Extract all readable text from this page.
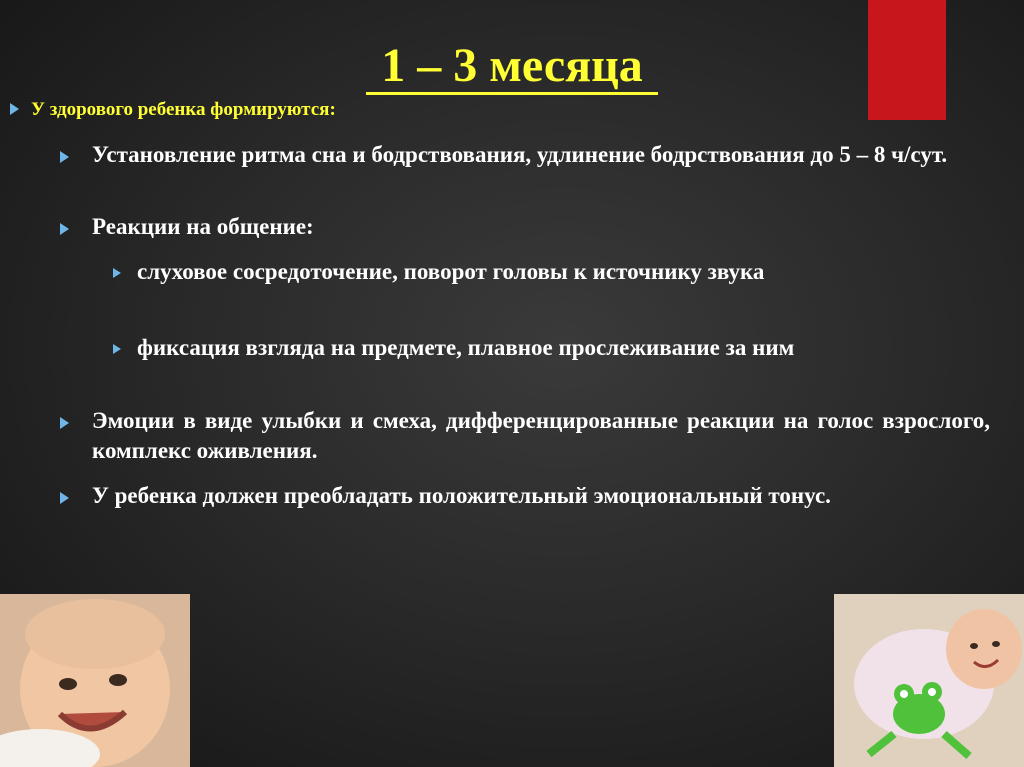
1 – 3 месяца
У здорового ребенка формируются:
Установление ритма сна и бодрствования, удлинение бодрствования до 5 – 8 ч/сут.
Реакции на общение:
слуховое сосредоточение, поворот головы к источнику звука
фиксация взгляда на предмете, плавное прослеживание за ним
Эмоции в виде улыбки и смеха, дифференцированные реакции на голос взрослого, комплекс оживления.
У ребенка должен преобладать положительный эмоциональный тонус.
